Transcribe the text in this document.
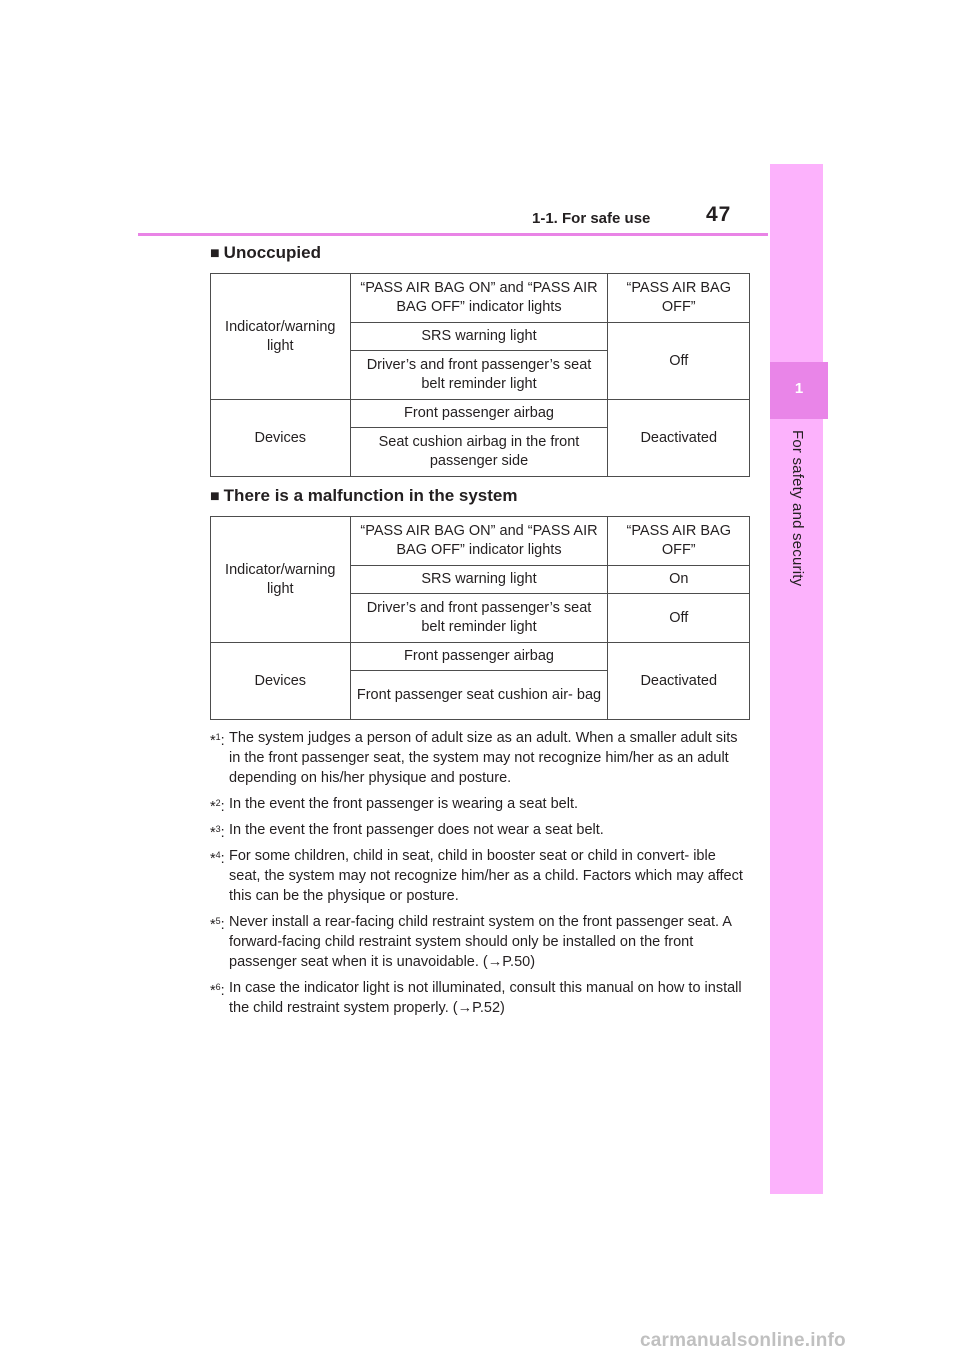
1-1. For safe use	47
1
For safety and security
■ Unoccupied
Indicator/warning light	“PASS AIR BAG ON” and “PASS AIR BAG OFF” indicator lights	“PASS AIR BAG OFF”
	SRS warning light	Off
	Driver’s and front passenger’s seat belt reminder light	
Devices	Front passenger airbag	Deactivated
	Seat cushion airbag in the front passenger side	
■ There is a malfunction in the system
Indicator/warning light	“PASS AIR BAG ON” and “PASS AIR BAG OFF” indicator lights	“PASS AIR BAG OFF”
	SRS warning light	On
	Driver’s and front passenger’s seat belt reminder light	Off
Devices	Front passenger airbag	Deactivated
	Front passenger seat cushion air- bag	
*$^1$: The system judges a person of adult size as an adult. When a smaller adult sits in the front passenger seat, the system may not recognize him/her as an adult depending on his/her physique and posture.
*$^2$: In the event the front passenger is wearing a seat belt.
*$^3$: In the event the front passenger does not wear a seat belt.
*$^4$: For some children, child in seat, child in booster seat or child in convert- ible seat, the system may not recognize him/her as a child. Factors which may affect this can be the physique or posture.
*$^5$: Never install a rear-facing child restraint system on the front passenger seat. A forward-facing child restraint system should only be installed on the front passenger seat when it is unavoidable. (→P.50)
*$^6$: In case the indicator light is not illuminated, consult this manual on how to install the child restraint system properly. (→P.52)
carmanualsonline.info
